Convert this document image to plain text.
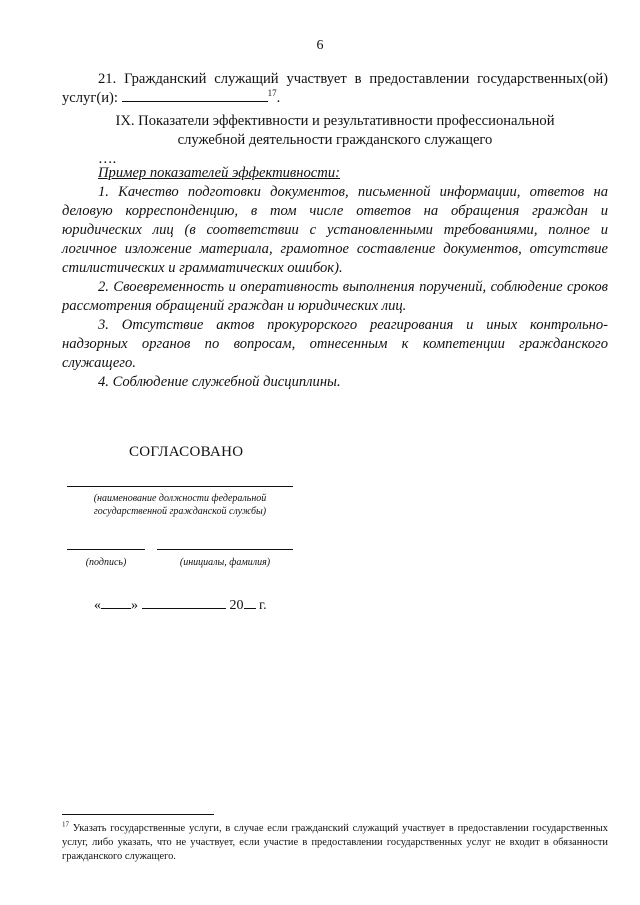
6

21. Гражданский служащий участвует в предоставлении государственных(ой) услуг(и):	$^{17}$.

IX. Показатели эффективности и результативности профессиональной
служебной деятельности гражданского служащего
….

Пример показателей эффективности:

1. Качество подготовки документов, письменной информации, ответов на деловую корреспонденцию, в том числе ответов на обращения граждан и юридических лиц (в соответствии с установленными требованиями, полное и логичное изложение материала, грамотное составление документов, отсутствие стилистических и грамматических ошибок).

2. Своевременность и оперативность выполнения поручений, соблюдение сроков рассмотрения обращений граждан и юридических лиц.

3. Отсутствие актов прокурорского реагирования и иных контрольно-надзорных органов по вопросам, отнесенным к компетенции гражданского служащего.

4. Соблюдение служебной дисциплины.

СОГЛАСОВАНО
(наименование должности федеральной
государственной гражданской службы)
(подпись)	(инициалы, фамилия)
« »	20 г.
$^{17}$ Указать государственные услуги, в случае если гражданский служащий участвует в предоставлении государственных услуг, либо указать, что не участвует, если участие в предоставлении государственных услуг не входит в обязанности гражданского служащего.
